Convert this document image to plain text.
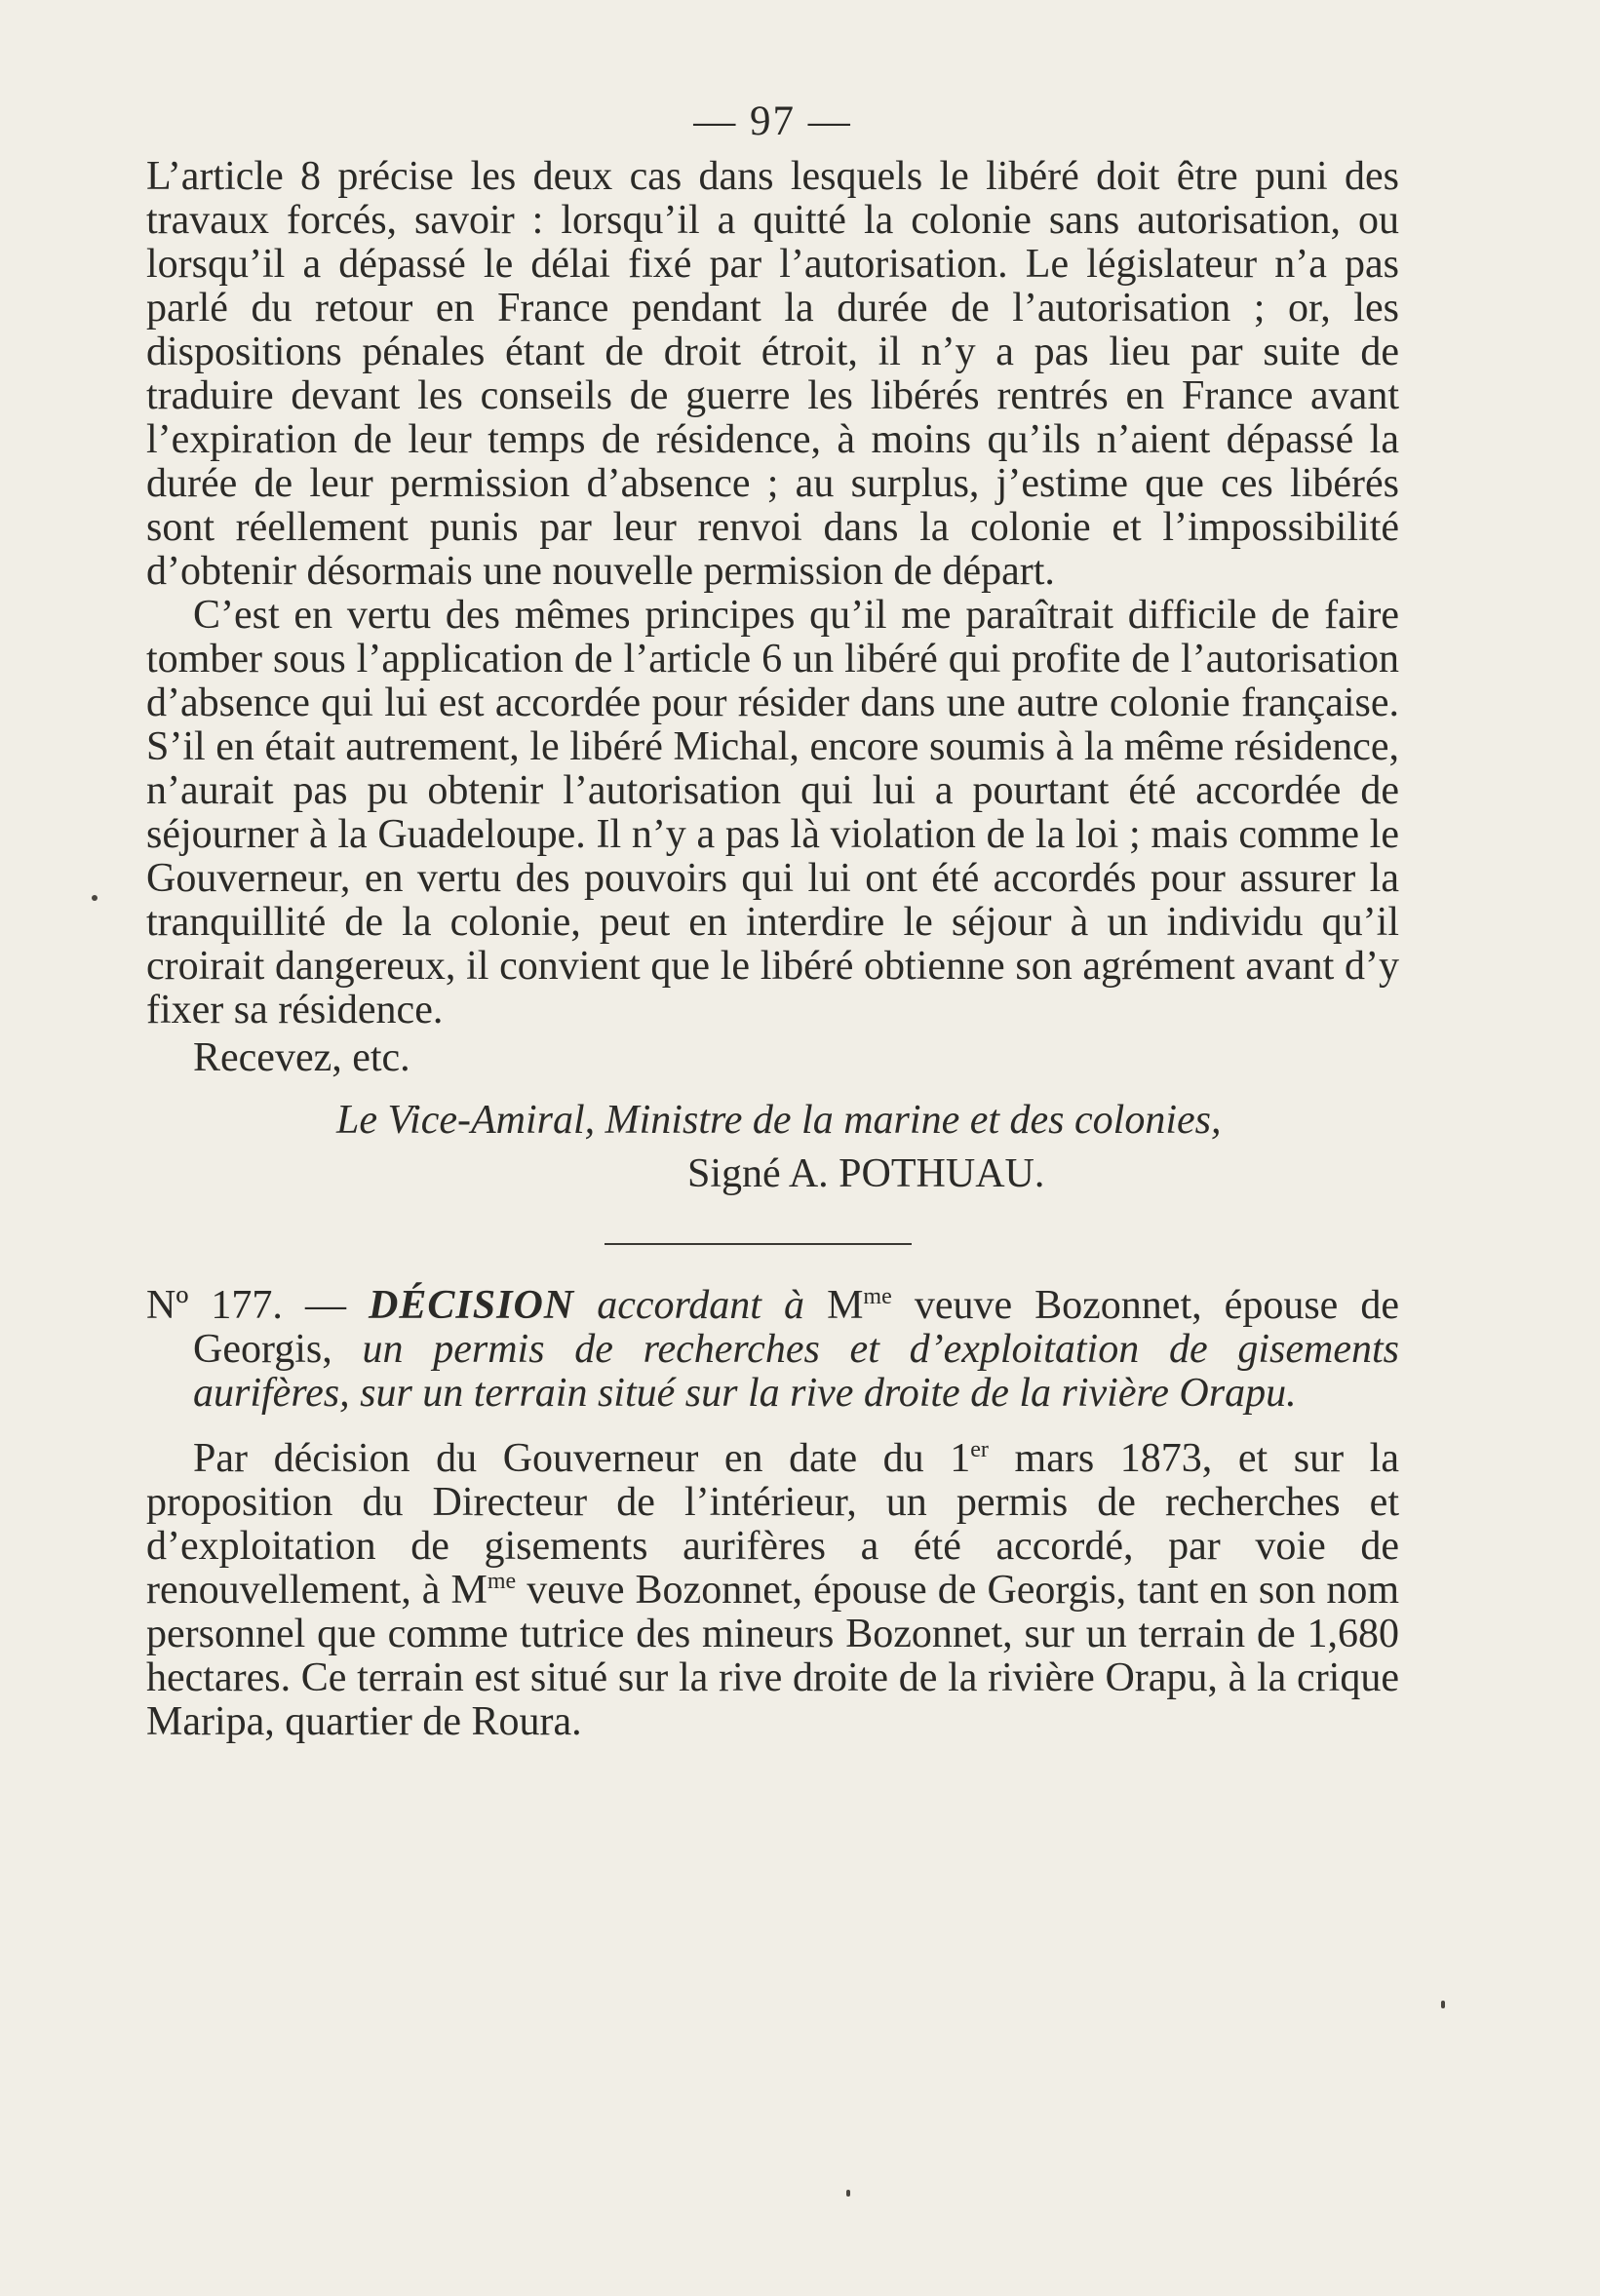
— 97 —

L’article 8 précise les deux cas dans lesquels le libéré doit être puni des travaux forcés, savoir : lorsqu’il a quitté la colonie sans autorisation, ou lorsqu’il a dépassé le délai fixé par l’autorisation. Le législateur n’a pas parlé du retour en France pendant la durée de l’autorisation ; or, les dispositions pénales étant de droit étroit, il n’y a pas lieu par suite de traduire devant les conseils de guerre les libérés rentrés en France avant l’expiration de leur temps de résidence, à moins qu’ils n’aient dépassé la durée de leur permission d’absence ; au surplus, j’estime que ces libérés sont réellement punis par leur renvoi dans la colonie et l’impossibilité d’obtenir désormais une nouvelle permission de départ.

C’est en vertu des mêmes principes qu’il me paraîtrait difficile de faire tomber sous l’application de l’article 6 un libéré qui profite de l’autorisation d’absence qui lui est accordée pour résider dans une autre colonie française. S’il en était autrement, le libéré Michal, encore soumis à la même résidence, n’aurait pas pu obtenir l’autorisation qui lui a pourtant été accordée de séjourner à la Guadeloupe. Il n’y a pas là violation de la loi ; mais comme le Gouverneur, en vertu des pouvoirs qui lui ont été accordés pour assurer la tranquillité de la colonie, peut en interdire le séjour à un individu qu’il croirait dangereux, il convient que le libéré obtienne son agrément avant d’y fixer sa résidence.

Recevez, etc.

Le Vice-Amiral, Ministre de la marine et des colonies,
Signé A. POTHUAU.

Nº 177. — DÉCISION accordant à $M^{me}$ veuve Bozonnet, épouse de Georgis, un permis de recherches et d’exploitation de gisements aurifères, sur un terrain situé sur la rive droite de la rivière Orapu.

Par décision du Gouverneur en date du 1er mars 1873, et sur la proposition du Directeur de l’intérieur, un permis de recherches et d’exploitation de gisements aurifères a été accordé, par voie de renouvellement, à $M^{me}$ veuve Bozonnet, épouse de Georgis, tant en son nom personnel que comme tutrice des mineurs Bozonnet, sur un terrain de 1,680 hectares. Ce terrain est situé sur la rive droite de la rivière Orapu, à la crique Maripa, quartier de Roura.
